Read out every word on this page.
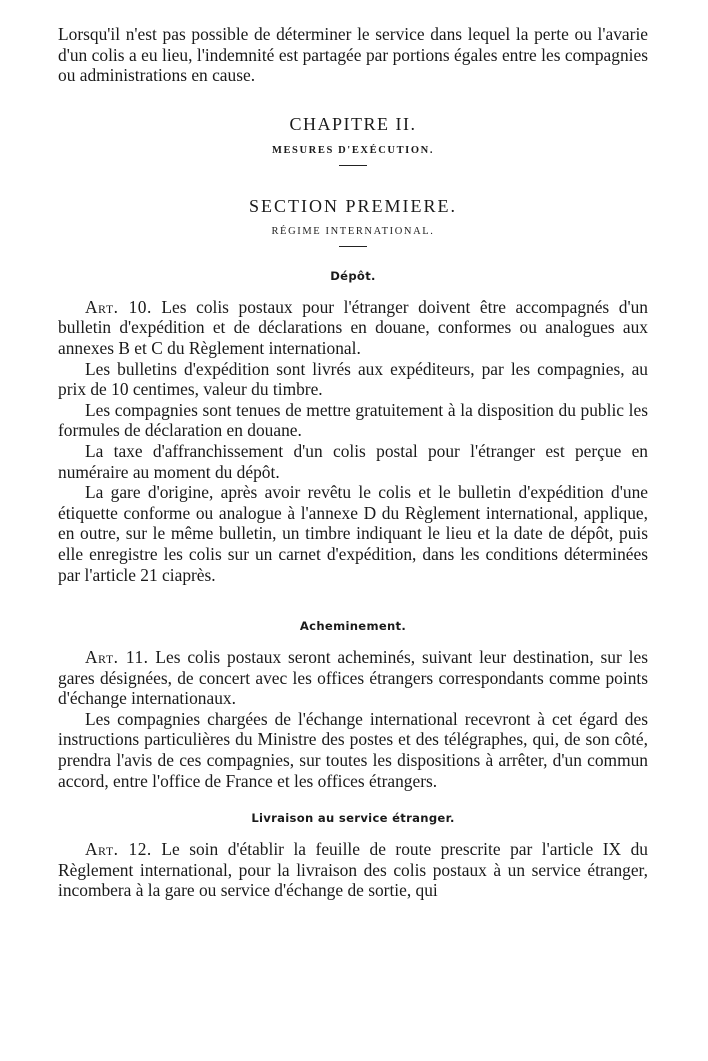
Lorsqu'il n'est pas possible de déterminer le service dans lequel la perte ou l'avarie d'un colis a eu lieu, l'indemnité est partagée par portions égales entre les compagnies ou administrations en cause.

CHAPITRE II.

MESURES D'EXÉCUTION.

SECTION PREMIERE.

RÉGIME INTERNATIONAL.

Dépôt.

Art. 10. Les colis postaux pour l'étranger doivent être accompagnés d'un bulletin d'expédition et de déclarations en douane, conformes ou analogues aux annexes B et C du Règlement international.

Les bulletins d'expédition sont livrés aux expéditeurs, par les compagnies, au prix de 10 centimes, valeur du timbre.

Les compagnies sont tenues de mettre gratuitement à la disposition du public les formules de déclaration en douane.

La taxe d'affranchissement d'un colis postal pour l'étranger est perçue en numéraire au moment du dépôt.

La gare d'origine, après avoir revêtu le colis et le bulletin d'expédition d'une étiquette conforme ou analogue à l'annexe D du Règlement international, applique, en outre, sur le même bulletin, un timbre indiquant le lieu et la date de dépôt, puis elle enregistre les colis sur un carnet d'expédition, dans les conditions déterminées par l'article 21 ciaprès.

Acheminement.

Art. 11. Les colis postaux seront acheminés, suivant leur destination, sur les gares désignées, de concert avec les offices étrangers correspondants comme points d'échange internationaux.

Les compagnies chargées de l'échange international recevront à cet égard des instructions particulières du Ministre des postes et des télégraphes, qui, de son côté, prendra l'avis de ces compagnies, sur toutes les dispositions à arrêter, d'un commun accord, entre l'office de France et les offices étrangers.

Livraison au service étranger.

Art. 12. Le soin d'établir la feuille de route prescrite par l'article IX du Règlement international, pour la livraison des colis postaux à un service étranger, incombera à la gare ou service d'échange de sortie, qui
